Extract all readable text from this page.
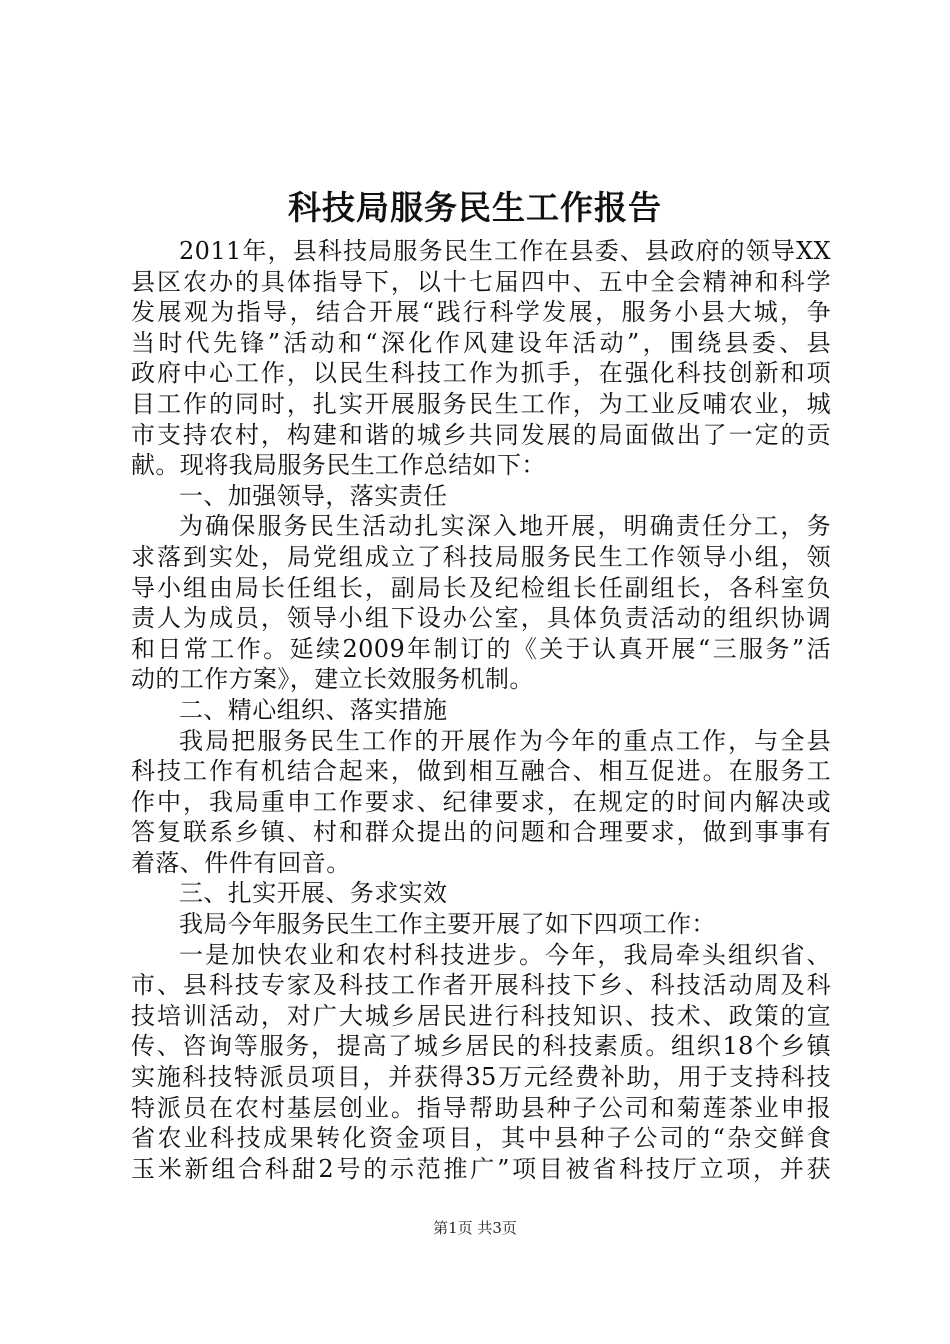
科技局服务民生工作报告
2011年，县科技局服务民生工作在县委、县政府的领导XX
县区农办的具体指导下，以十七届四中、五中全会精神和科学
发展观为指导，结合开展“践行科学发展，服务小县大城，争
当时代先锋”活动和“深化作风建设年活动”，围绕县委、县
政府中心工作，以民生科技工作为抓手，在强化科技创新和项
目工作的同时，扎实开展服务民生工作，为工业反哺农业，城
市支持农村，构建和谐的城乡共同发展的局面做出了一定的贡
献。现将我局服务民生工作总结如下：
一、加强领导，落实责任
为确保服务民生活动扎实深入地开展，明确责任分工，务
求落到实处，局党组成立了科技局服务民生工作领导小组，领
导小组由局长任组长，副局长及纪检组长任副组长，各科室负
责人为成员，领导小组下设办公室，具体负责活动的组织协调
和日常工作。延续2009年制订的《关于认真开展“三服务”活
动的工作方案》，建立长效服务机制。
二、精心组织、落实措施
我局把服务民生工作的开展作为今年的重点工作，与全县
科技工作有机结合起来，做到相互融合、相互促进。在服务工
作中，我局重申工作要求、纪律要求，在规定的时间内解决或
答复联系乡镇、村和群众提出的问题和合理要求，做到事事有
着落、件件有回音。
三、扎实开展、务求实效
我局今年服务民生工作主要开展了如下四项工作：
一是加快农业和农村科技进步。今年，我局牵头组织省、
市、县科技专家及科技工作者开展科技下乡、科技活动周及科
技培训活动，对广大城乡居民进行科技知识、技术、政策的宣
传、咨询等服务，提高了城乡居民的科技素质。组织18个乡镇
实施科技特派员项目，并获得35万元经费补助，用于支持科技
特派员在农村基层创业。指导帮助县种子公司和菊莲茶业申报
省农业科技成果转化资金项目，其中县种子公司的“杂交鲜食
玉米新组合科甜2号的示范推广”项目被省科技厅立项，并获
第1页 共3页
